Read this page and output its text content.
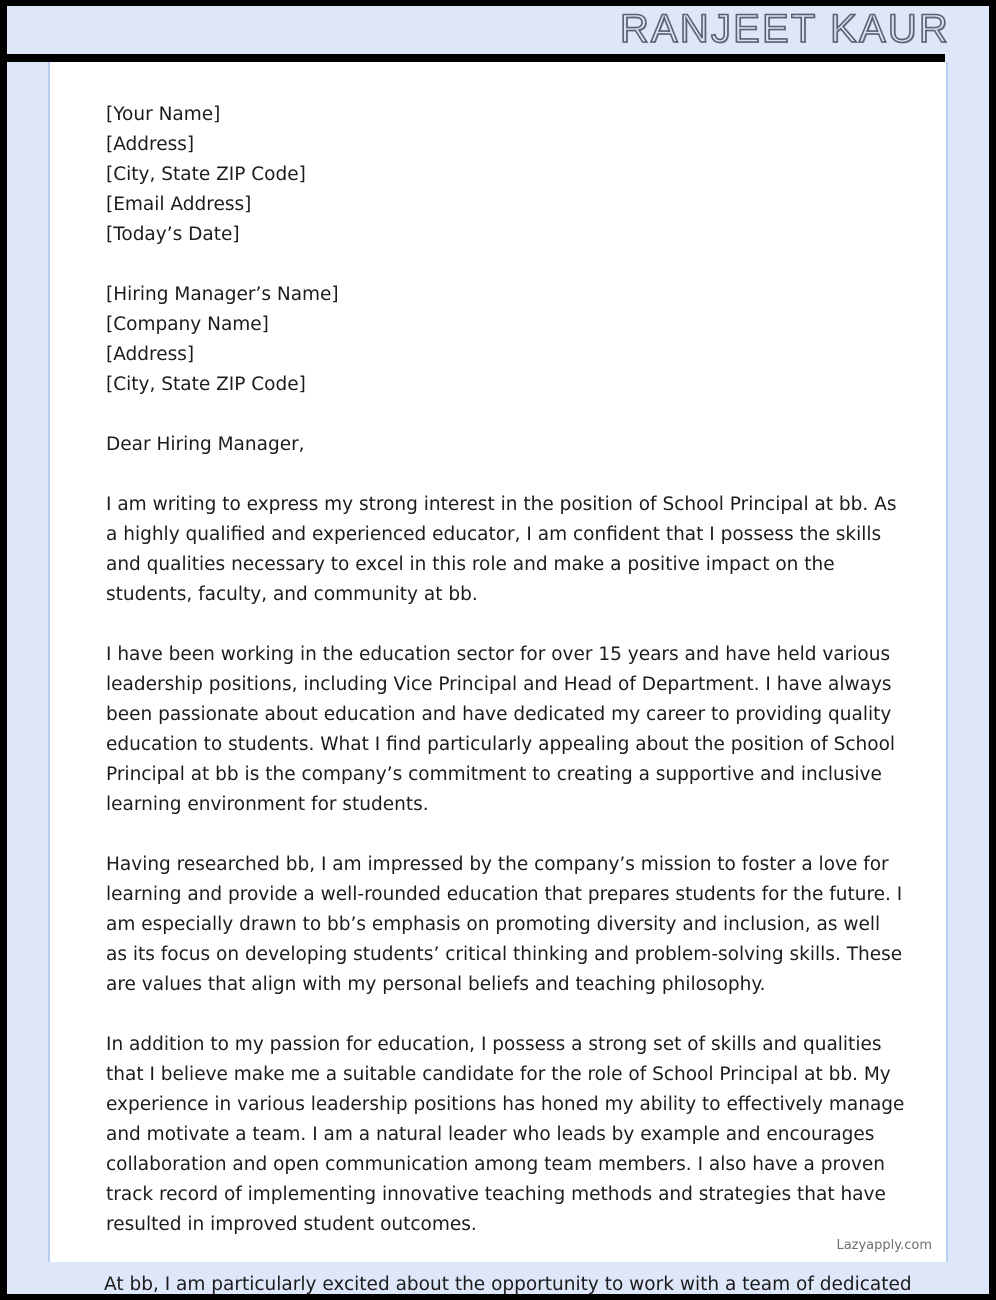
RANJEET KAUR

[Your Name]

[Address]

[City, State ZIP Code]

[Email Address]

[Today’s Date]

[Hiring Manager’s Name]

[Company Name]

[Address]

[City, State ZIP Code]

Dear Hiring Manager,

I am writing to express my strong interest in the position of School Principal at bb. As a highly qualified and experienced educator, I am confident that I possess the skills and qualities necessary to excel in this role and make a positive impact on the students, faculty, and community at bb.

I have been working in the education sector for over 15 years and have held various leadership positions, including Vice Principal and Head of Department. I have always been passionate about education and have dedicated my career to providing quality education to students. What I find particularly appealing about the position of School Principal at bb is the company’s commitment to creating a supportive and inclusive learning environment for students.

Having researched bb, I am impressed by the company’s mission to foster a love for learning and provide a well-rounded education that prepares students for the future. I am especially drawn to bb’s emphasis on promoting diversity and inclusion, as well as its focus on developing students’ critical thinking and problem-solving skills. These are values that align with my personal beliefs and teaching philosophy.

In addition to my passion for education, I possess a strong set of skills and qualities that I believe make me a suitable candidate for the role of School Principal at bb. My experience in various leadership positions has honed my ability to effectively manage and motivate a team. I am a natural leader who leads by example and encourages collaboration and open communication among team members. I also have a proven track record of implementing innovative teaching methods and strategies that have resulted in improved student outcomes.

Lazyapply.com
At bb, I am particularly excited about the opportunity to work with a team of dedicated
